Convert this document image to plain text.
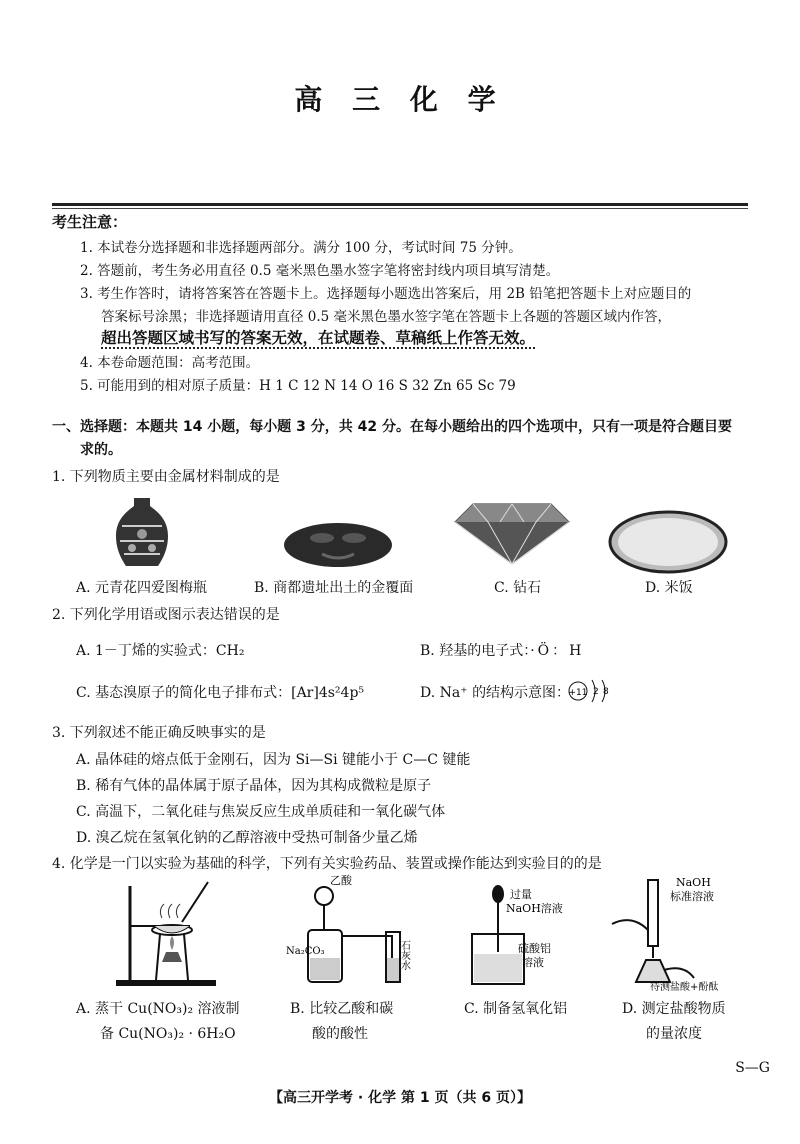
高 三 化 学
考生注意：
1. 本试卷分选择题和非选择题两部分。满分 100 分，考试时间 75 分钟。
2. 答题前，考生务必用直径 0.5 毫米黑色墨水签字笔将密封线内项目填写清楚。
3. 考生作答时，请将答案答在答题卡上。选择题每小题选出答案后，用 2B 铅笔把答题卡上对应题目的
答案标号涂黑；非选择题请用直径 0.5 毫米黑色墨水签字笔在答题卡上各题的答题区域内作答，
超出答题区域书写的答案无效，在试题卷、草稿纸上作答无效。
4. 本卷命题范围：高考范围。
5. 可能用到的相对原子质量：H 1 C 12 N 14 O 16 S 32 Zn 65 Sc 79
一、选择题：本题共 14 小题，每小题 3 分，共 42 分。在每小题给出的四个选项中，只有一项是符合题目要
求的。
1. 下列物质主要由金属材料制成的是
A. 元青花四爱图梅瓶	B. 商都遗址出土的金覆面	C. 钻石	D. 米饭
2. 下列化学用语或图示表达错误的是
A. 1－丁烯的实验式：CH₂	B. 羟基的电子式：·Ö：H
C. 基态溴原子的简化电子排布式：[Ar]4s²4p⁵	D. Na⁺ 的结构示意图：
+11 2 8
3. 下列叙述不能正确反映事实的是
A. 晶体硅的熔点低于金刚石，因为 Si—Si 键能小于 C—C 键能
B. 稀有气体的晶体属于原子晶体，因为其构成微粒是原子
C. 高温下，二氧化硅与焦炭反应生成单质硅和一氧化碳气体
D. 溴乙烷在氢氧化钠的乙醇溶液中受热可制备少量乙烯
4. 化学是一门以实验为基础的科学，下列有关实验药品、装置或操作能达到实验目的的是
乙酸
Na₂CO₃	石灰水
过量
NaOH溶液
硫酸铝
溶液
NaOH
标准溶液
待测盐酸+酚酞
A. 蒸干 Cu(NO₃)₂ 溶液制
备 Cu(NO₃)₂ · 6H₂O
B. 比较乙酸和碳
酸的酸性
C. 制备氢氧化铝	D. 测定盐酸物质
的量浓度
S—G
【高三开学考 · 化学 第 1 页（共 6 页）】
